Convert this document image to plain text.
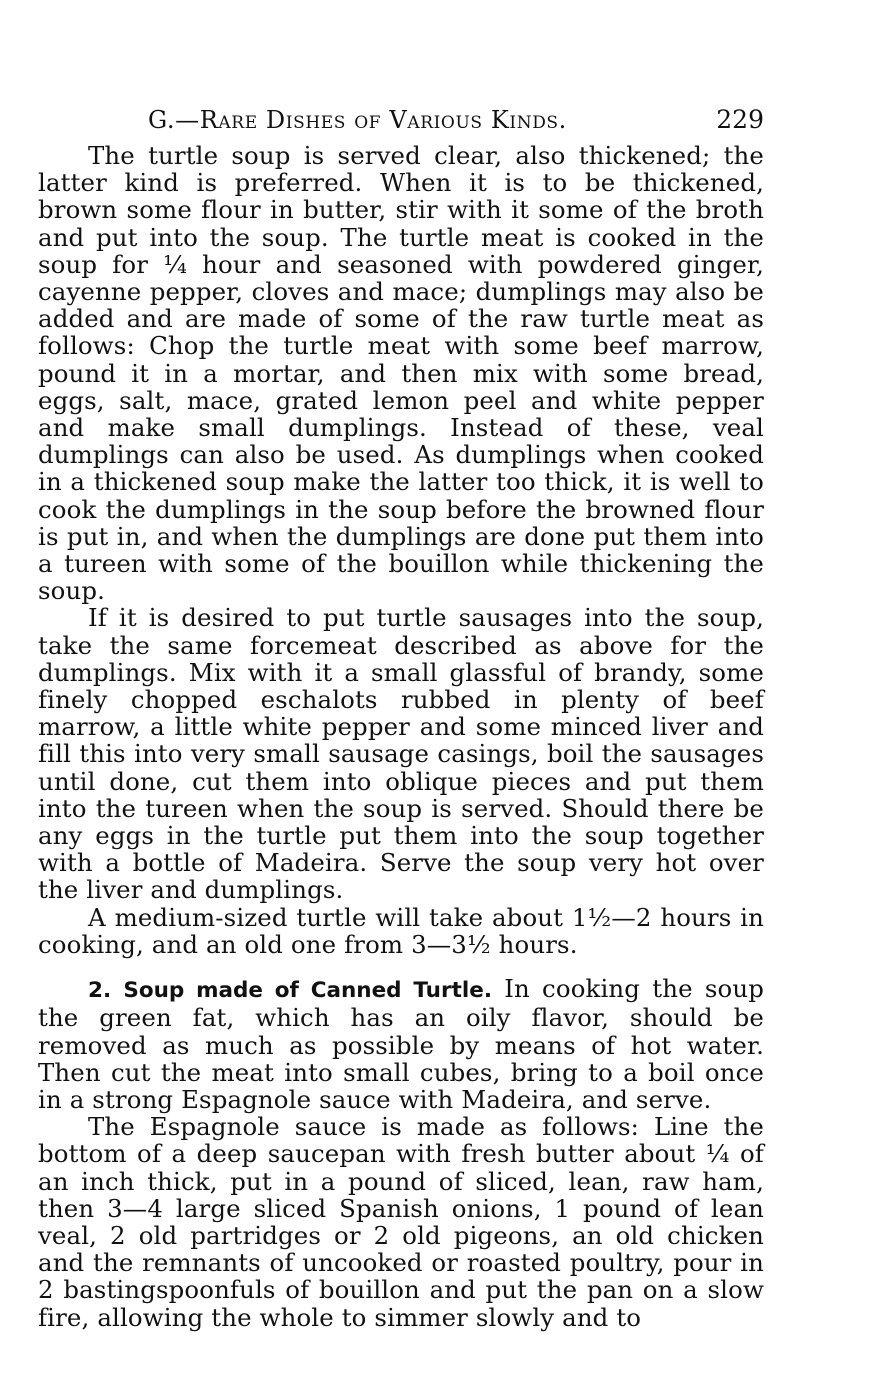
G.—Rare Dishes of Various Kinds.	229

The turtle soup is served clear, also thickened; the latter kind is preferred. When it is to be thickened, brown some flour in butter, stir with it some of the broth and put into the soup. The turtle meat is cooked in the soup for ¼ hour and seasoned with powdered ginger, cayenne pepper, cloves and mace; dumplings may also be added and are made of some of the raw turtle meat as follows: Chop the turtle meat with some beef marrow, pound it in a mortar, and then mix with some bread, eggs, salt, mace, grated lemon peel and white pepper and make small dumplings. Instead of these, veal dumplings can also be used. As dumplings when cooked in a thickened soup make the latter too thick, it is well to cook the dumplings in the soup before the browned flour is put in, and when the dumplings are done put them into a tureen with some of the bouillon while thickening the soup.

If it is desired to put turtle sausages into the soup, take the same forcemeat described as above for the dumplings. Mix with it a small glassful of brandy, some finely chopped eschalots rubbed in plenty of beef marrow, a little white pepper and some minced liver and fill this into very small sausage casings, boil the sausages until done, cut them into oblique pieces and put them into the tureen when the soup is served. Should there be any eggs in the turtle put them into the soup together with a bottle of Madeira. Serve the soup very hot over the liver and dumplings.

A medium-sized turtle will take about 1½—2 hours in cooking, and an old one from 3—3½ hours.

2. Soup made of Canned Turtle. In cooking the soup the green fat, which has an oily flavor, should be removed as much as possible by means of hot water. Then cut the meat into small cubes, bring to a boil once in a strong Espagnole sauce with Madeira, and serve.

The Espagnole sauce is made as follows: Line the bottom of a deep saucepan with fresh butter about ¼ of an inch thick, put in a pound of sliced, lean, raw ham, then 3—4 large sliced Spanish onions, 1 pound of lean veal, 2 old partridges or 2 old pigeons, an old chicken and the remnants of uncooked or roasted poultry, pour in 2 bastingspoonfuls of bouillon and put the pan on a slow fire, allowing the whole to simmer slowly and to
